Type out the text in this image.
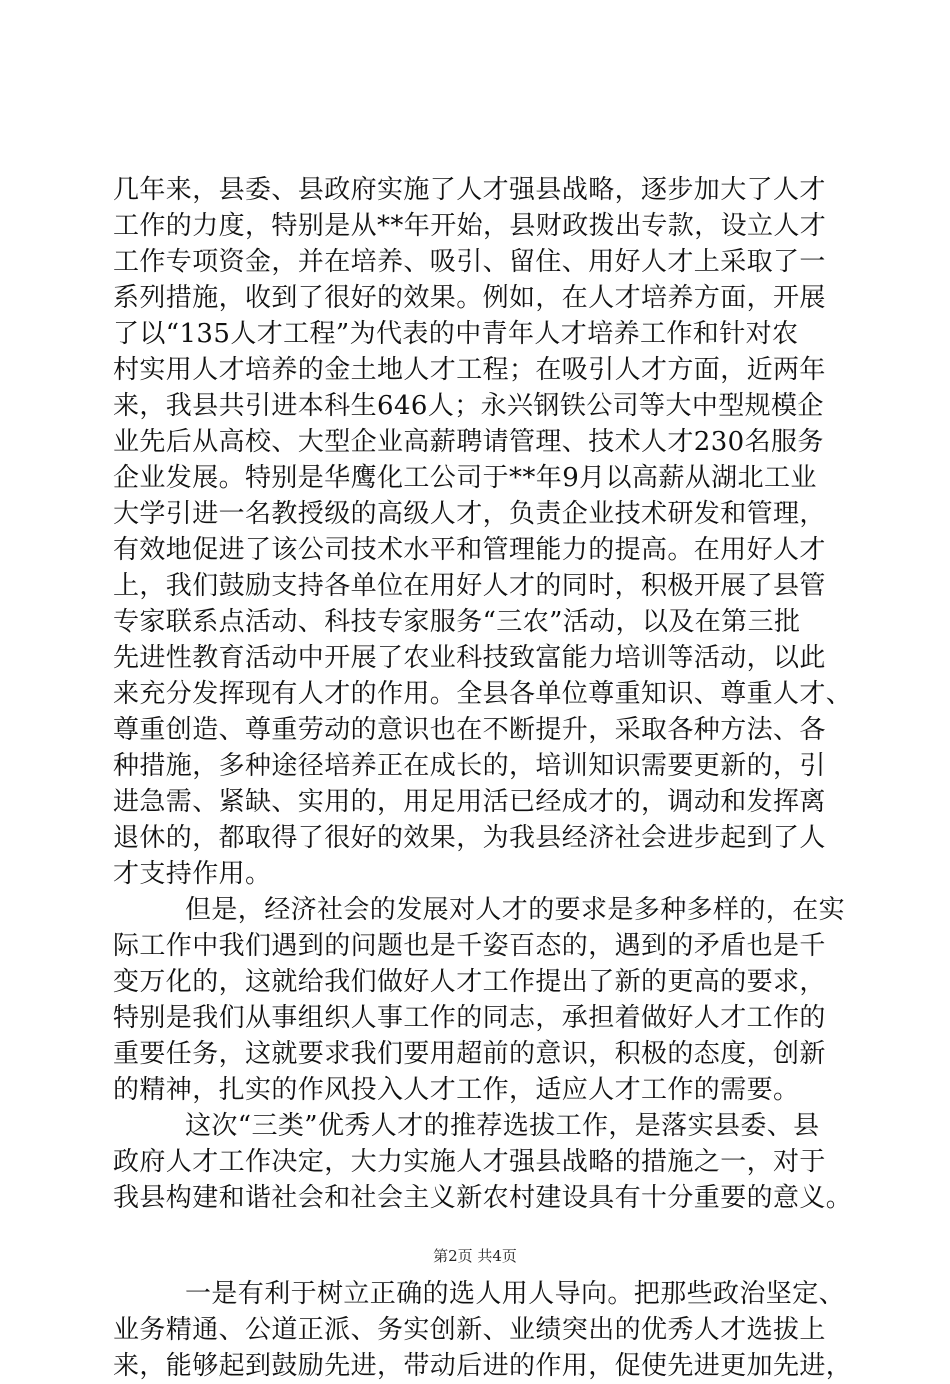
几年来，县委、县政府实施了人才强县战略，逐步加大了人才
工作的力度，特别是从**年开始，县财政拨出专款，设立人才
工作专项资金，并在培养、吸引、留住、用好人才上采取了一
系列措施，收到了很好的效果。例如，在人才培养方面，开展
了以“135人才工程”为代表的中青年人才培养工作和针对农
村实用人才培养的金土地人才工程；在吸引人才方面，近两年
来，我县共引进本科生646人；永兴钢铁公司等大中型规模企
业先后从高校、大型企业高薪聘请管理、技术人才230名服务
企业发展。特别是华鹰化工公司于**年9月以高薪从湖北工业
大学引进一名教授级的高级人才，负责企业技术研发和管理，
有效地促进了该公司技术水平和管理能力的提高。在用好人才
上，我们鼓励支持各单位在用好人才的同时，积极开展了县管
专家联系点活动、科技专家服务“三农”活动，以及在第三批
先进性教育活动中开展了农业科技致富能力培训等活动，以此
来充分发挥现有人才的作用。全县各单位尊重知识、尊重人才、
尊重创造、尊重劳动的意识也在不断提升，采取各种方法、各
种措施，多种途径培养正在成长的，培训知识需要更新的，引
进急需、紧缺、实用的，用足用活已经成才的，调动和发挥离
退休的，都取得了很好的效果，为我县经济社会进步起到了人
才支持作用。
但是，经济社会的发展对人才的要求是多种多样的，在实
际工作中我们遇到的问题也是千姿百态的，遇到的矛盾也是千
变万化的，这就给我们做好人才工作提出了新的更高的要求，
特别是我们从事组织人事工作的同志，承担着做好人才工作的
重要任务，这就要求我们要用超前的意识，积极的态度，创新
的精神，扎实的作风投入人才工作，适应人才工作的需要。
这次“三类”优秀人才的推荐选拔工作，是落实县委、县
政府人才工作决定，大力实施人才强县战略的措施之一，对于
我县构建和谐社会和社会主义新农村建设具有十分重要的意义。
一是有利于树立正确的选人用人导向。把那些政治坚定、
业务精通、公道正派、务实创新、业绩突出的优秀人才选拔上
来，能够起到鼓励先进，带动后进的作用，促使先进更加先进，
第2页 共4页
